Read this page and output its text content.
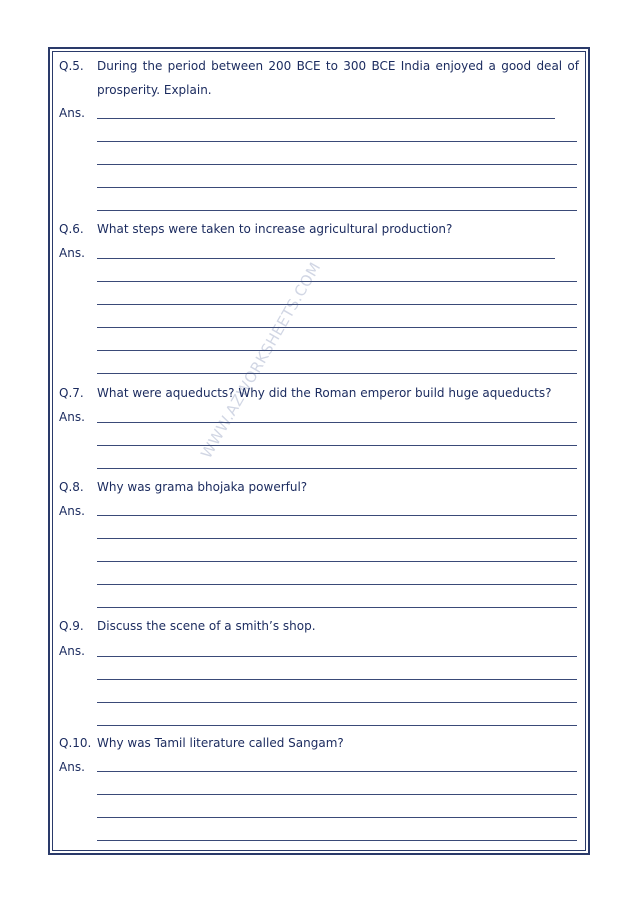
WWW.AZWORKSHEETS.COM
Q.5. During the period between 200 BCE to 300 BCE India enjoyed a good deal of prosperity. Explain.
Ans.
Q.6. What steps were taken to increase agricultural production?
Ans.
Q.7. What were aqueducts? Why did the Roman emperor build huge aqueducts?
Ans.
Q.8. Why was grama bhojaka powerful?
Ans.
Q.9. Discuss the scene of a smith’s shop.
Ans.
Q.10. Why was Tamil literature called Sangam?
Ans.
